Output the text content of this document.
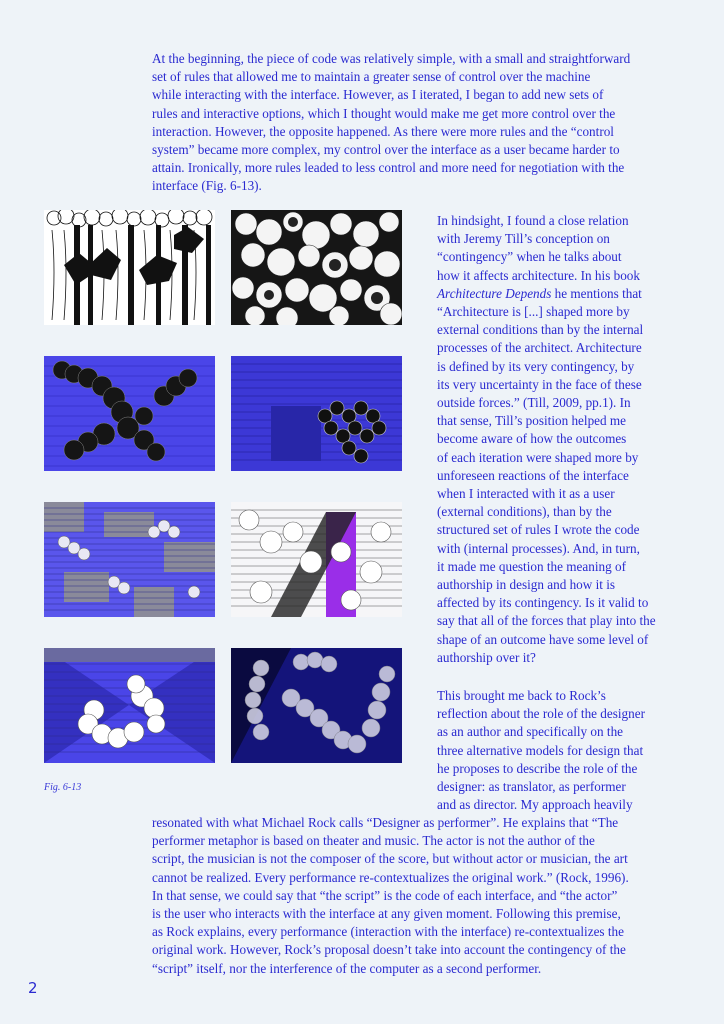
At the beginning, the piece of code was relatively simple, with a small and straightforward
set of rules that allowed me to maintain a greater sense of control over the machine
while interacting with the interface. However, as I iterated, I began to add new sets of
rules and interactive options, which I thought would make me get more control over the
interaction. However, the opposite happened. As there were more rules and the “control
system” became more complex, my control over the interface as a user became harder to
attain. Ironically, more rules leaded to less control and more need for negotiation with the
interface (Fig. 6-13).

In hindsight, I found a close relation
with Jeremy Till’s conception on
“contingency” when he talks about
how it affects architecture. In his book
Architecture Depends he mentions that
“Architecture is [...] shaped more by
external conditions than by the internal
processes of the architect. Architecture
is defined by its very contingency, by
its very uncertainty in the face of these
outside forces.” (Till, 2009, pp.1). In
that sense, Till’s position helped me
become aware of how the outcomes
of each iteration were shaped more by
unforeseen reactions of the interface
when I interacted with it as a user
(external conditions), than by the
structured set of rules I wrote the code
with (internal processes). And, in turn,
it made me question the meaning of
authorship in design and how it is
affected by its contingency. Is it valid to
say that all of the forces that play into the
shape of an outcome have some level of
authorship over it?

This brought me back to Rock’s
reflection about the role of the designer
as an author and specifically on the
three alternative models for design that
he proposes to describe the role of the
designer: as translator, as performer
and as director. My approach heavily

resonated with what Michael Rock calls “Designer as performer”. He explains that “The
performer metaphor is based on theater and music. The actor is not the author of the
script, the musician is not the composer of the score, but without actor or musician, the art
cannot be realized. Every performance re-contextualizes the original work.” (Rock, 1996).
In that sense, we could say that “the script” is the code of each interface, and “the actor”
is the user who interacts with the interface at any given moment. Following this premise,
as Rock explains, every performance (interaction with the interface) re-contextualizes the
original work. However, Rock’s proposal doesn’t take into account the contingency of the
“script” itself, nor the interference of the computer as a second performer.

Fig. 6-13
2
